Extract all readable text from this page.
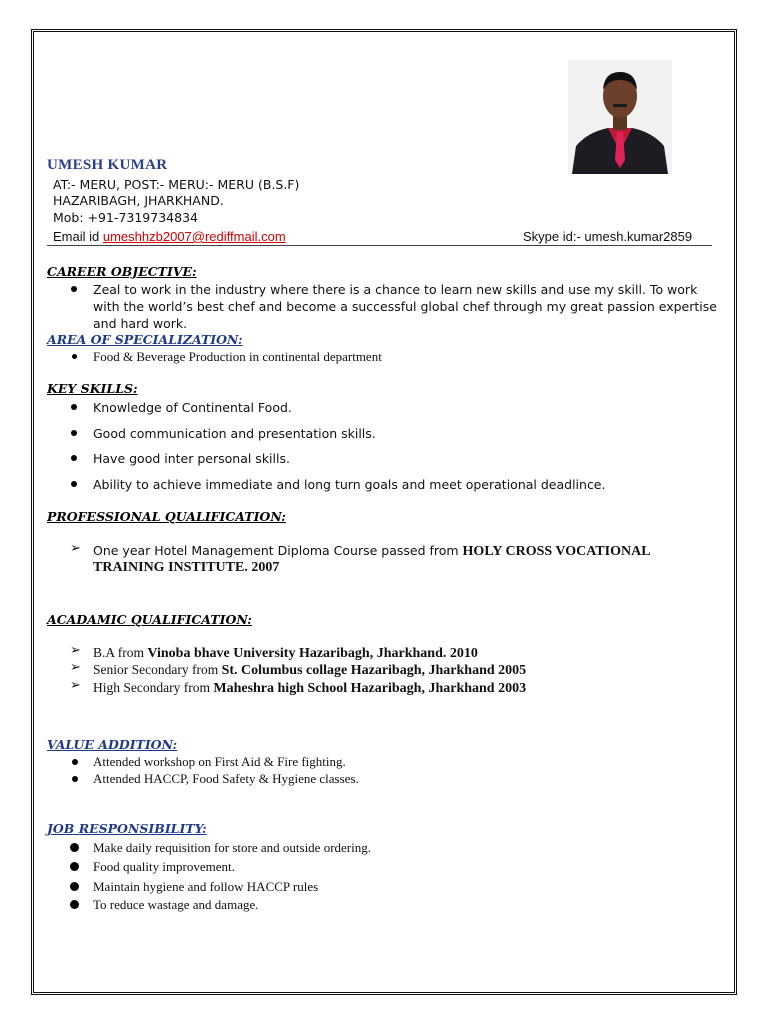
UMESH KUMAR
AT:- MERU, POST:- MERU:- MERU (B.S.F)
HAZARIBAGH, JHARKHAND.
Mob: +91-7319734834
Email id umeshhzb2007@rediffmail.com	Skype id:- umesh.kumar2859
CAREER OBJECTIVE:
Zeal to work in the industry where there is a chance to learn new skills and use my skill. To work with the world’s best chef and become a successful global chef through my great passion expertise and hard work.
AREA OF SPECIALIZATION:
Food & Beverage Production in continental department
KEY SKILLS:
Knowledge of Continental Food.
Good communication and presentation skills.
Have good inter personal skills.
Ability to achieve immediate and long turn goals and meet operational deadlince.
PROFESSIONAL QUALIFICATION:
➢ One year Hotel Management Diploma Course passed from HOLY CROSS VOCATIONAL
TRAINING INSTITUTE. 2007
ACADAMIC QUALIFICATION:
➢ B.A from Vinoba bhave University Hazaribagh, Jharkhand. 2010
➢ Senior Secondary from St. Columbus collage Hazaribagh, Jharkhand 2005
➢ High Secondary from Maheshra high School Hazaribagh, Jharkhand 2003
VALUE ADDITION:
Attended workshop on First Aid & Fire fighting.
Attended HACCP, Food Safety & Hygiene classes.
JOB RESPONSIBILITY:
Make daily requisition for store and outside ordering.
Food quality improvement.
Maintain hygiene and follow HACCP rules
To reduce wastage and damage.
